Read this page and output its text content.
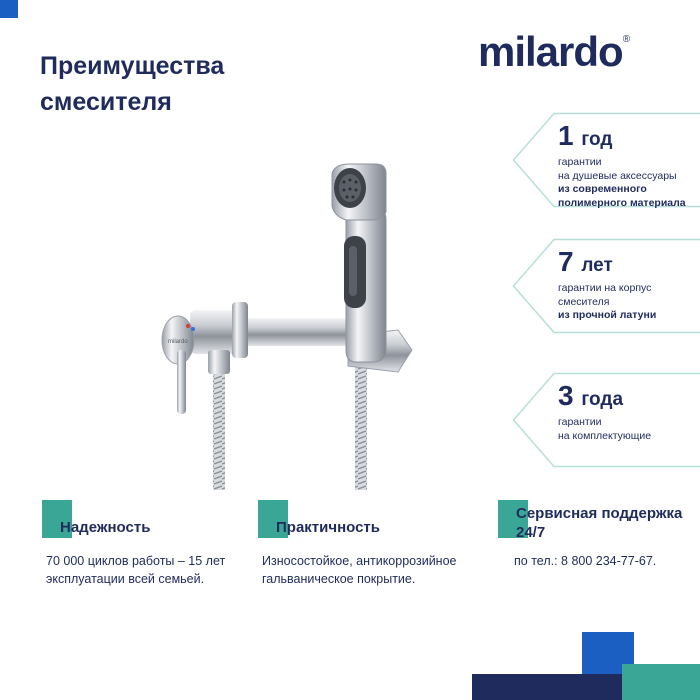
Преимущества
смесителя
milardo®
milardo
1 год
гарантии
на душевые аксессуары
из современного
полимерного материала
7 лет
гарантии на корпус
смесителя
из прочной латуни
3 года
гарантии
на комплектующие
Надежность

70 000 циклов работы – 15 лет эксплуатации всей семьей.

Практичность

Износостойкое, антикоррозийное гальваническое покрытие.

Сервисная поддержка 24/7

по тел.: 8 800 234-77-67.
